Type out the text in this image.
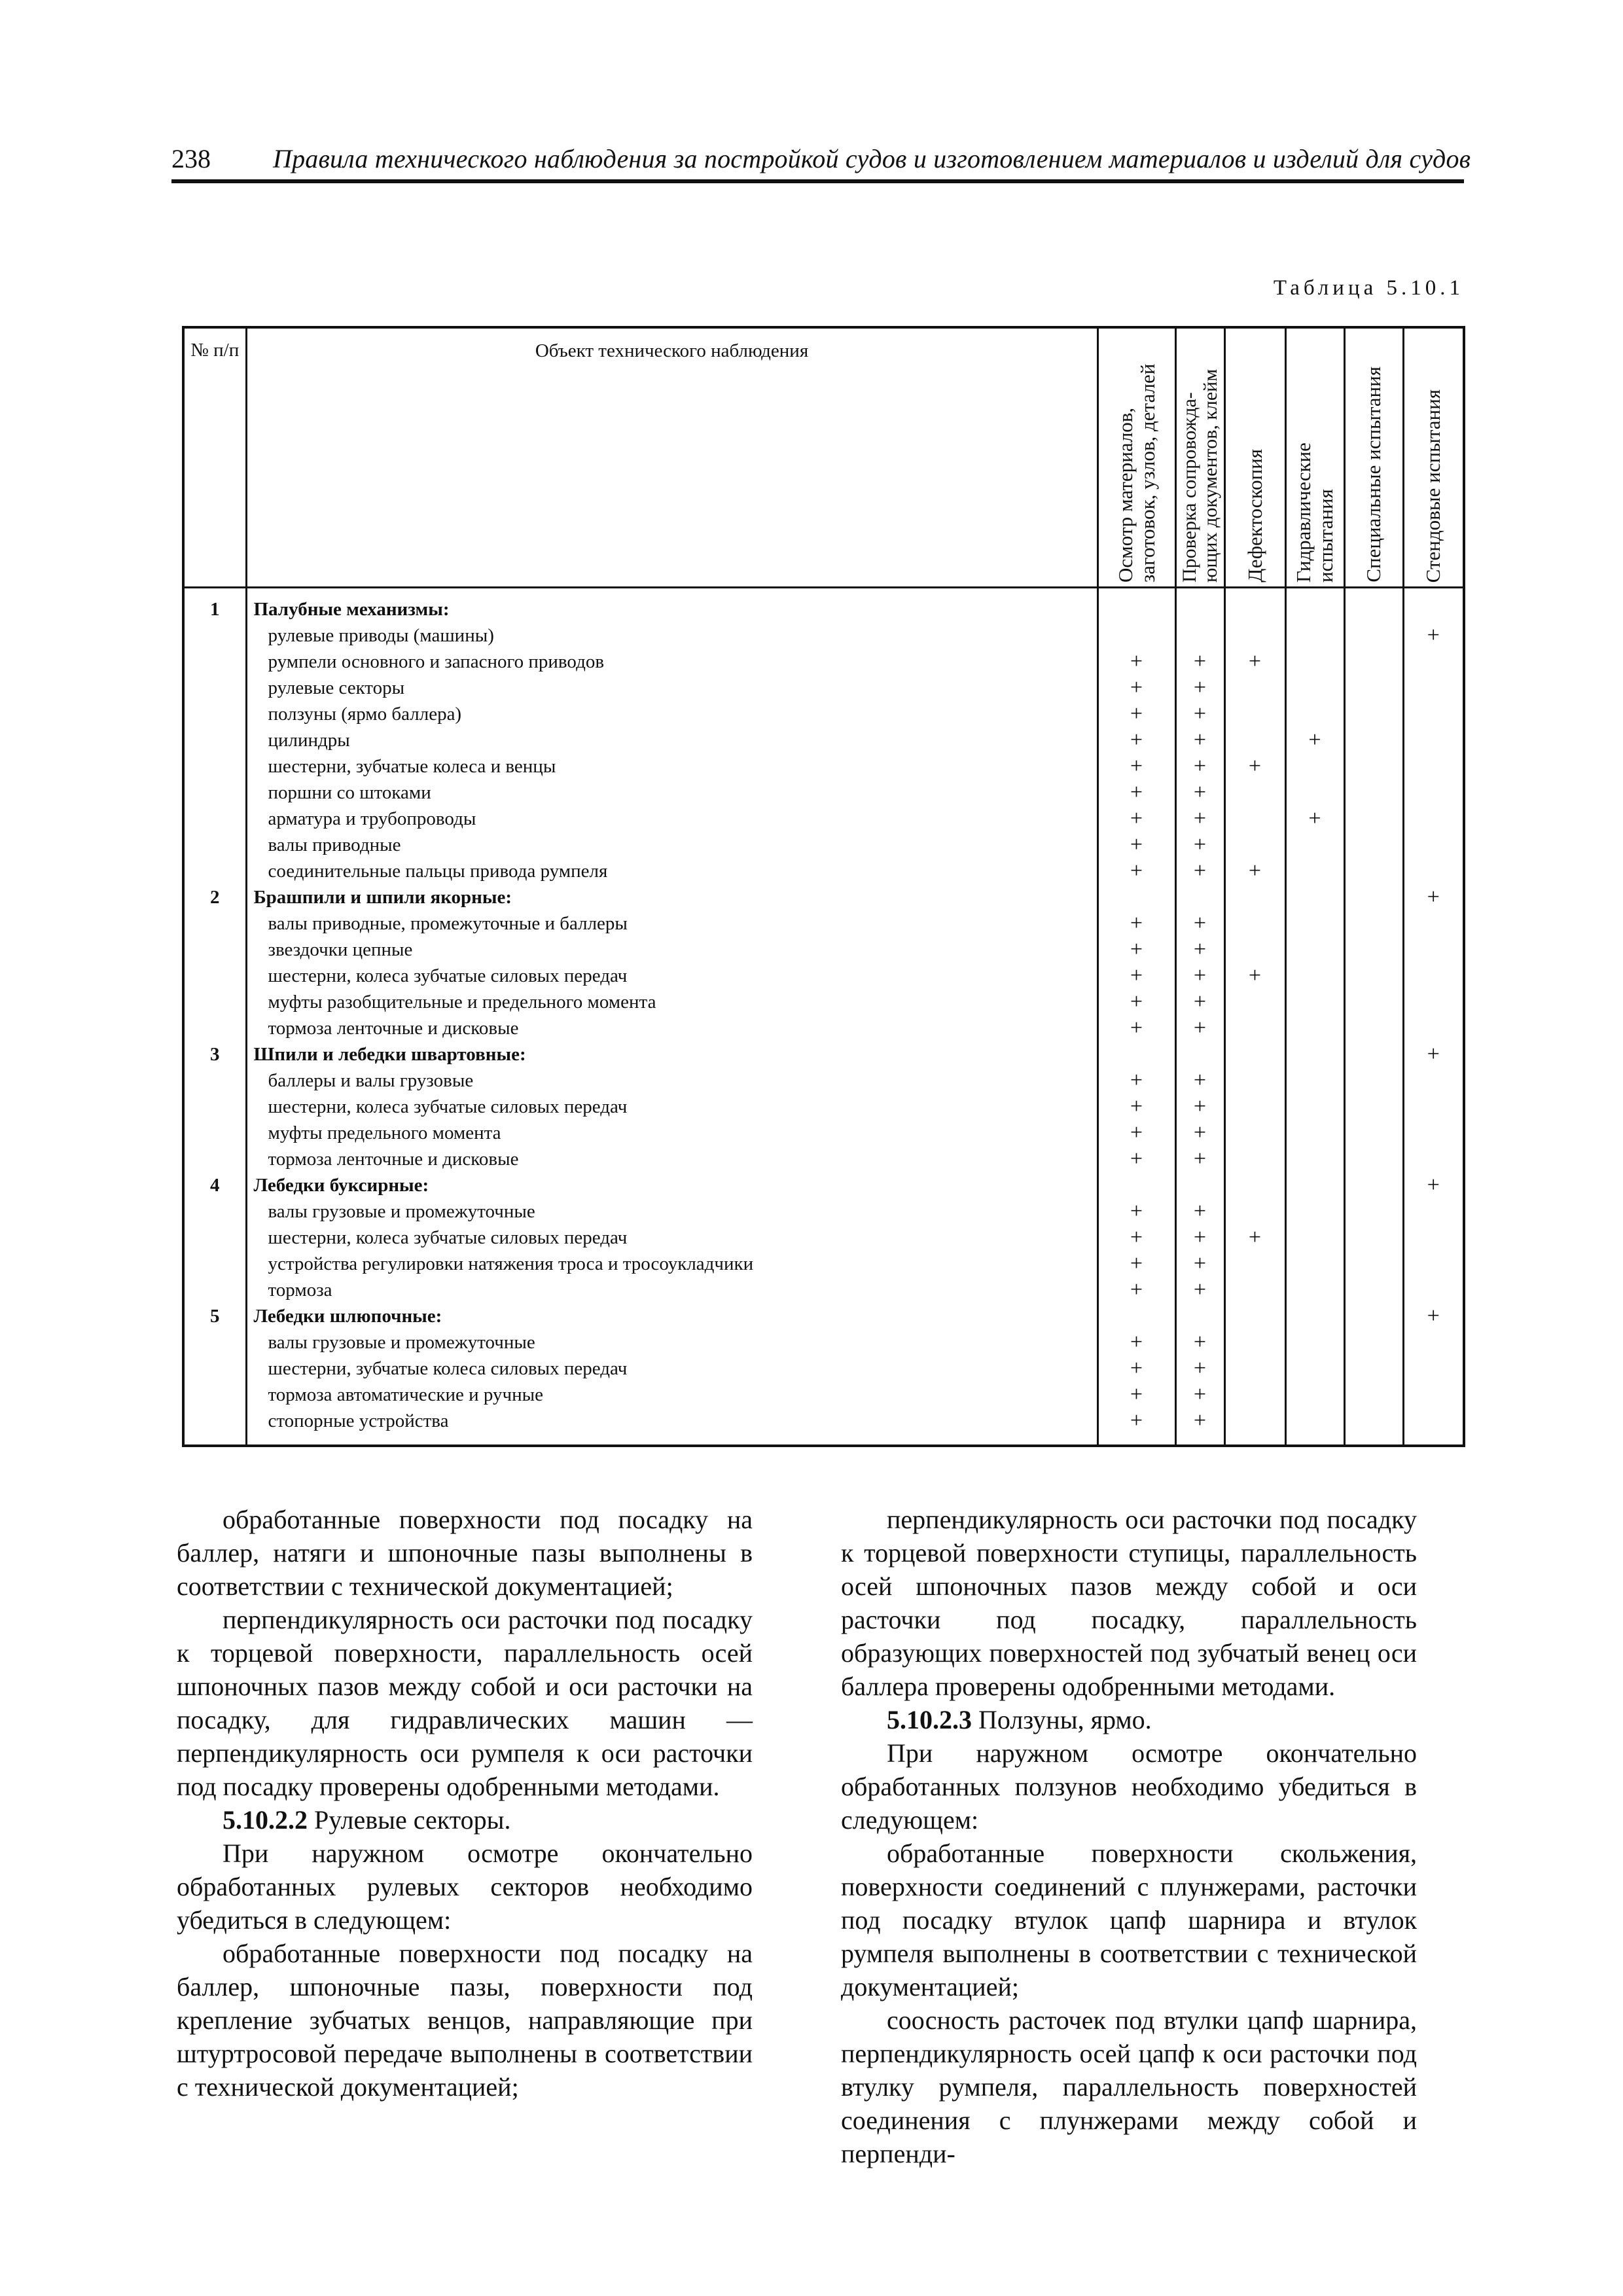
238 Правила технического наблюдения за постройкой судов и изготовлением материалов и изделий для судов
Таблица 5.10.1
№ п/п	Объект технического наблюдения	Осмотр материалов, заготовок, узлов, деталей	Проверка сопровожда-ющих документов, клейм	Дефектоскопия	Гидравлические испытания	Специальные испытания	Стендовые испытания

1	Палубные механизмы:						
	рулевые приводы (машины)						+
	румпели основного и запасного приводов	+	+	+			
	рулевые секторы	+	+				
	ползуны (ярмо баллера)	+	+				
	цилиндры	+	+		+		
	шестерни, зубчатые колеса и венцы	+	+	+			
	поршни со штоками	+	+				
	арматура и трубопроводы	+	+		+		
	валы приводные	+	+				
	соединительные пальцы привода румпеля	+	+	+			
2	Брашпили и шпили якорные:						+
	валы приводные, промежуточные и баллеры	+	+				
	звездочки цепные	+	+				
	шестерни, колеса зубчатые силовых передач	+	+	+			
	муфты разобщительные и предельного момента	+	+				
	тормоза ленточные и дисковые	+	+				
3	Шпили и лебедки швартовные:						+
	баллеры и валы грузовые	+	+				
	шестерни, колеса зубчатые силовых передач	+	+				
	муфты предельного момента	+	+				
	тормоза ленточные и дисковые	+	+				
4	Лебедки буксирные:						+
	валы грузовые и промежуточные	+	+				
	шестерни, колеса зубчатые силовых передач	+	+	+			
	устройства регулировки натяжения троса и тросоукладчики	+	+				
	тормоза	+	+				
5	Лебедки шлюпочные:						+
	валы грузовые и промежуточные	+	+				
	шестерни, зубчатые колеса силовых передач	+	+				
	тормоза автоматические и ручные	+	+				
	стопорные устройства	+	+				

обработанные поверхности под посадку на баллер, натяги и шпоночные пазы выполнены в соответствии с технической документацией;

перпендикулярность оси расточки под посадку к торцевой поверхности, параллельность осей шпоночных пазов между собой и оси расточки на посадку, для гидравлических машин — перпендикулярность оси румпеля к оси расточки под посадку проверены одобренными методами.

5.10.2.2 Рулевые секторы.

При наружном осмотре окончательно обработанных рулевых секторов необходимо убедиться в следующем:

обработанные поверхности под посадку на баллер, шпоночные пазы, поверхности под крепление зубчатых венцов, направляющие при штуртросовой передаче выполнены в соответствии с технической документацией;

перпендикулярность оси расточки под посадку к торцевой поверхности ступицы, параллельность осей шпоночных пазов между собой и оси расточки под посадку, параллельность образующих поверхностей под зубчатый венец оси баллера проверены одобренными методами.

5.10.2.3 Ползуны, ярмо.

При наружном осмотре окончательно обработанных ползунов необходимо убедиться в следующем:

обработанные поверхности скольжения, поверхности соединений с плунжерами, расточки под посадку втулок цапф шарнира и втулок румпеля выполнены в соответствии с технической документацией;

соосность расточек под втулки цапф шарнира, перпендикулярность осей цапф к оси расточки под втулку румпеля, параллельность поверхностей соединения с плунжерами между собой и перпенди-
